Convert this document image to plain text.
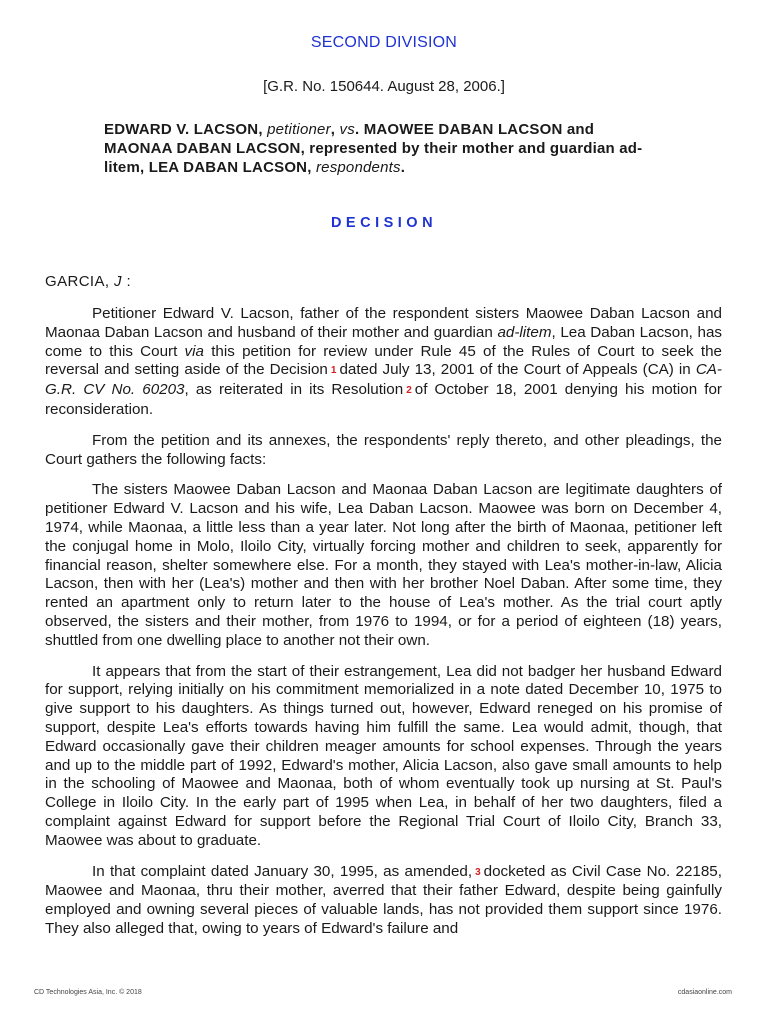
SECOND DIVISION
[G.R. No. 150644. August 28, 2006.]
EDWARD V. LACSON, petitioner, vs. MAOWEE DABAN LACSON and MAONAA DABAN LACSON, represented by their mother and guardian ad-litem, LEA DABAN LACSON, respondents.
DECISION
GARCIA, J :

Petitioner Edward V. Lacson, father of the respondent sisters Maowee Daban Lacson and Maonaa Daban Lacson and husband of their mother and guardian ad-litem, Lea Daban Lacson, has come to this Court via this petition for review under Rule 45 of the Rules of Court to seek the reversal and setting aside of the Decision 1 dated July 13, 2001 of the Court of Appeals (CA) in CA-G.R. CV No. 60203, as reiterated in its Resolution 2 of October 18, 2001 denying his motion for reconsideration.

From the petition and its annexes, the respondents' reply thereto, and other pleadings, the Court gathers the following facts:

The sisters Maowee Daban Lacson and Maonaa Daban Lacson are legitimate daughters of petitioner Edward V. Lacson and his wife, Lea Daban Lacson. Maowee was born on December 4, 1974, while Maonaa, a little less than a year later. Not long after the birth of Maonaa, petitioner left the conjugal home in Molo, Iloilo City, virtually forcing mother and children to seek, apparently for financial reason, shelter somewhere else. For a month, they stayed with Lea's mother-in-law, Alicia Lacson, then with her (Lea's) mother and then with her brother Noel Daban. After some time, they rented an apartment only to return later to the house of Lea's mother. As the trial court aptly observed, the sisters and their mother, from 1976 to 1994, or for a period of eighteen (18) years, shuttled from one dwelling place to another not their own.

It appears that from the start of their estrangement, Lea did not badger her husband Edward for support, relying initially on his commitment memorialized in a note dated December 10, 1975 to give support to his daughters. As things turned out, however, Edward reneged on his promise of support, despite Lea's efforts towards having him fulfill the same. Lea would admit, though, that Edward occasionally gave their children meager amounts for school expenses. Through the years and up to the middle part of 1992, Edward's mother, Alicia Lacson, also gave small amounts to help in the schooling of Maowee and Maonaa, both of whom eventually took up nursing at St. Paul's College in Iloilo City. In the early part of 1995 when Lea, in behalf of her two daughters, filed a complaint against Edward for support before the Regional Trial Court of Iloilo City, Branch 33, Maowee was about to graduate.

In that complaint dated January 30, 1995, as amended, 3 docketed as Civil Case No. 22185, Maowee and Maonaa, thru their mother, averred that their father Edward, despite being gainfully employed and owning several pieces of valuable lands, has not provided them support since 1976. They also alleged that, owing to years of Edward's failure and

CD Technologies Asia, Inc. © 2018	cdasiaonline.com
